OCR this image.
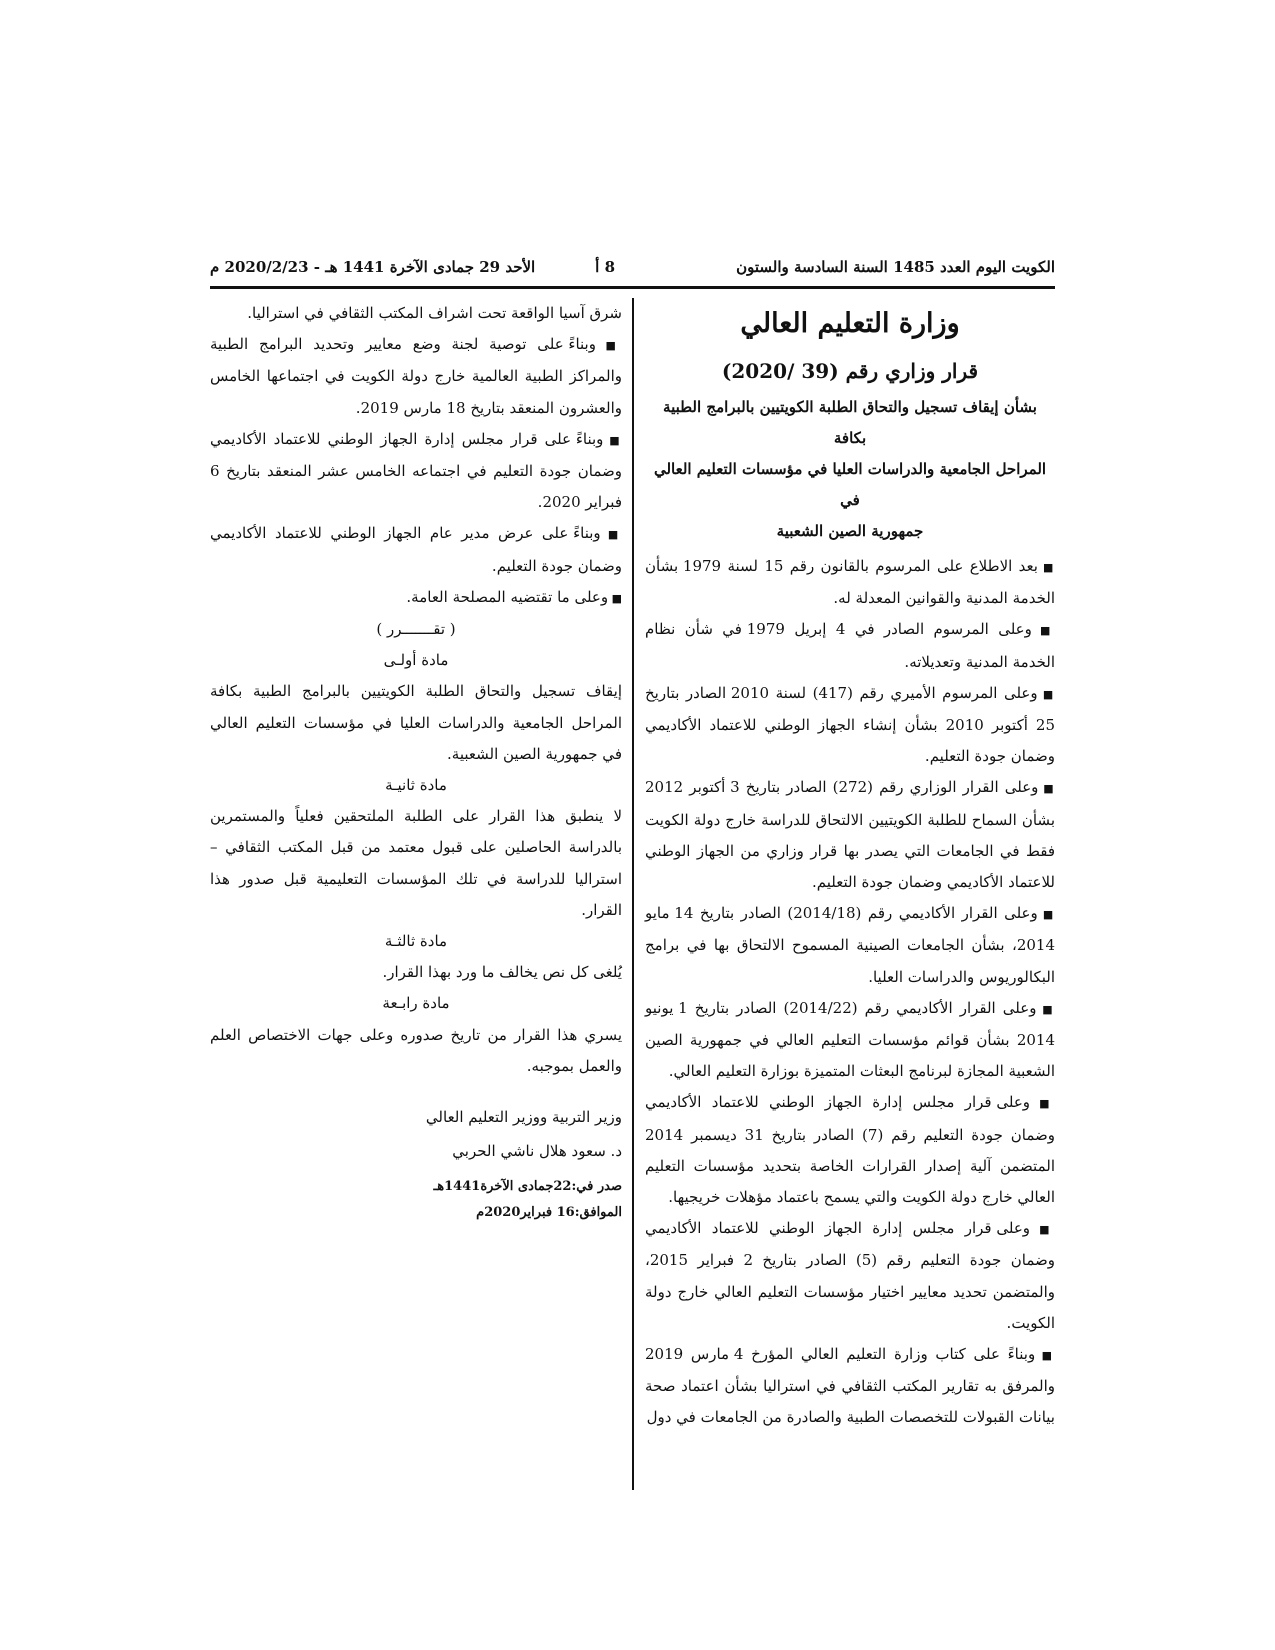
الكويت اليوم العدد 1485 السنة السادسة والستون
8 أ
الأحد 29 جمادى الآخرة 1441 هـ - 2020/2/23 م
وزارة التعليم العالي
قرار وزاري رقم (39 /2020)
بشأن إيقاف تسجيل والتحاق الطلبة الكويتيين بالبرامج الطبية بكافة
المراحل الجامعية والدراسات العليا في مؤسسات التعليم العالي في
جمهورية الصين الشعبية

■ بعد الاطلاع على المرسوم بالقانون رقم 15 لسنة 1979 بشأن الخدمة المدنية والقوانين المعدلة له.

■ وعلى المرسوم الصادر في 4 إبريل 1979 في شأن نظام الخدمة المدنية وتعديلاته.

■ وعلى المرسوم الأميري رقم (417) لسنة 2010 الصادر بتاريخ 25 أكتوبر 2010 بشأن إنشاء الجهاز الوطني للاعتماد الأكاديمي وضمان جودة التعليم.

■ وعلى القرار الوزاري رقم (272) الصادر بتاريخ 3 أكتوبر 2012 بشأن السماح للطلبة الكويتيين الالتحاق للدراسة خارج دولة الكويت فقط في الجامعات التي يصدر بها قرار وزاري من الجهاز الوطني للاعتماد الأكاديمي وضمان جودة التعليم.

■ وعلى القرار الأكاديمي رقم (2014/18) الصادر بتاريخ 14 مايو 2014، بشأن الجامعات الصينية المسموح الالتحاق بها في برامج البكالوريوس والدراسات العليا.

■ وعلى القرار الأكاديمي رقم (2014/22) الصادر بتاريخ 1 يونيو 2014 بشأن قوائم مؤسسات التعليم العالي في جمهورية الصين الشعبية المجازة لبرنامج البعثات المتميزة بوزارة التعليم العالي.

■ وعلى قرار مجلس إدارة الجهاز الوطني للاعتماد الأكاديمي وضمان جودة التعليم رقم (7) الصادر بتاريخ 31 ديسمبر 2014 المتضمن آلية إصدار القرارات الخاصة بتحديد مؤسسات التعليم العالي خارج دولة الكويت والتي يسمح باعتماد مؤهلات خريجيها.

■ وعلى قرار مجلس إدارة الجهاز الوطني للاعتماد الأكاديمي وضمان جودة التعليم رقم (5) الصادر بتاريخ 2 فبراير 2015، والمتضمن تحديد معايير اختيار مؤسسات التعليم العالي خارج دولة الكويت.

■ وبناءً على كتاب وزارة التعليم العالي المؤرخ 4 مارس 2019 والمرفق به تقارير المكتب الثقافي في استراليا بشأن اعتماد صحة بيانات القبولات للتخصصات الطبية والصادرة من الجامعات في دول

شرق آسيا الواقعة تحت اشراف المكتب الثقافي في استراليا.

■ وبناءً على توصية لجنة وضع معايير وتحديد البرامج الطبية والمراكز الطبية العالمية خارج دولة الكويت في اجتماعها الخامس والعشرون المنعقد بتاريخ 18 مارس 2019.

■ وبناءً على قرار مجلس إدارة الجهاز الوطني للاعتماد الأكاديمي وضمان جودة التعليم في اجتماعه الخامس عشر المنعقد بتاريخ 6 فبراير 2020.

■ وبناءً على عرض مدير عام الجهاز الوطني للاعتماد الأكاديمي وضمان جودة التعليم.

■ وعلى ما تقتضيه المصلحة العامة.

( تقـــــــرر )
مادة أولـى

إيقاف تسجيل والتحاق الطلبة الكويتيين بالبرامج الطبية بكافة المراحل الجامعية والدراسات العليا في مؤسسات التعليم العالي في جمهورية الصين الشعبية.

مادة ثانيـة

لا ينطبق هذا القرار على الطلبة الملتحقين فعلياً والمستمرين بالدراسة الحاصلين على قبول معتمد من قبل المكتب الثقافي – استراليا للدراسة في تلك المؤسسات التعليمية قبل صدور هذا القرار.

مادة ثالثـة

يُلغى كل نص يخالف ما ورد بهذا القرار.

مادة رابـعة

يسري هذا القرار من تاريخ صدوره وعلى جهات الاختصاص العلم والعمل بموجبه.

وزير التربية ووزير التعليم العالي
د. سعود هلال ناشي الحربي
صدر في:22جمادى الآخرة1441هـ
الموافق:16 فبراير2020م
